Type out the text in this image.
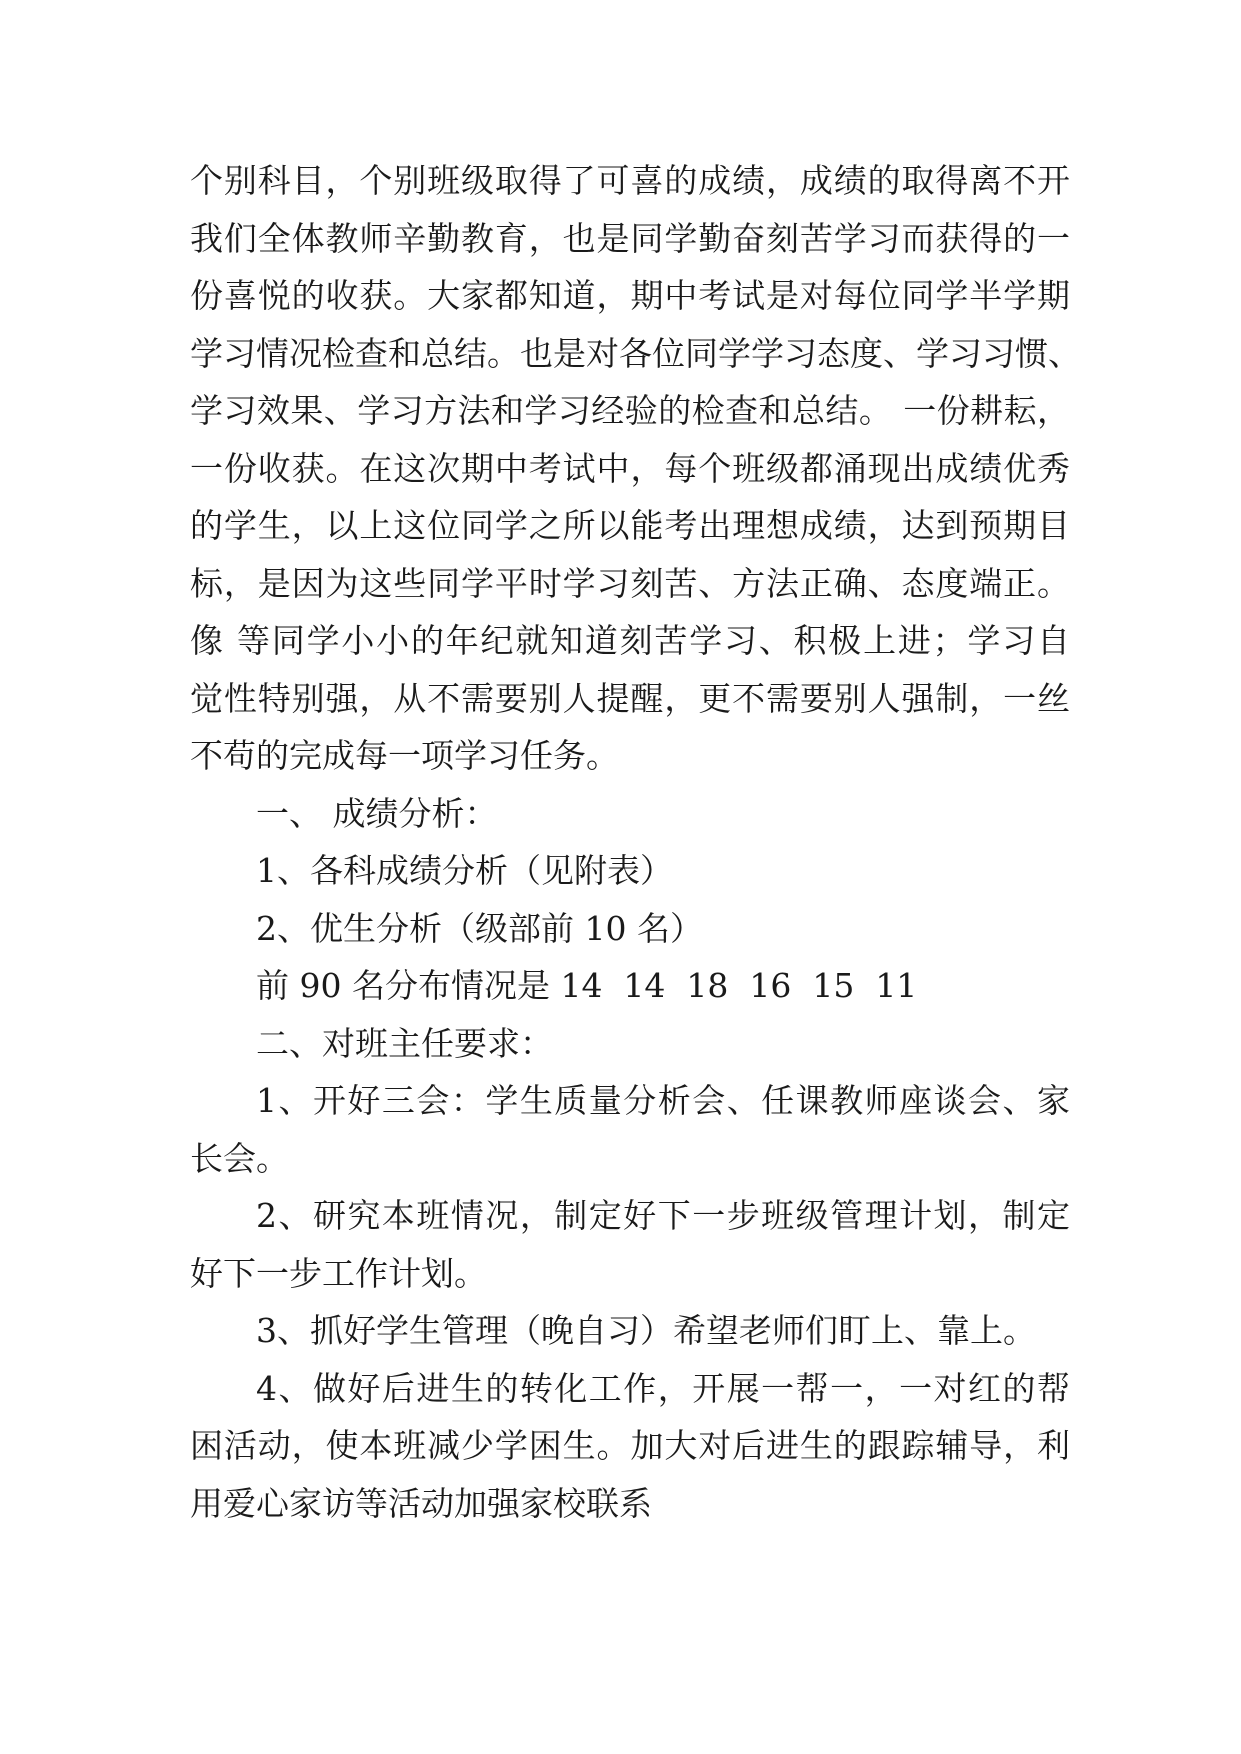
个别科目，个别班级取得了可喜的成绩，成绩的取得离不开
我们全体教师辛勤教育，也是同学勤奋刻苦学习而获得的一
份喜悦的收获。大家都知道，期中考试是对每位同学半学期
学习情况检查和总结。也是对各位同学学习态度、学习习惯、
学习效果、学习方法和学习经验的检查和总结。 一份耕耘，
一份收获。在这次期中考试中，每个班级都涌现出成绩优秀
的学生，以上这位同学之所以能考出理想成绩，达到预期目
标，是因为这些同学平时学习刻苦、方法正确、态度端正。
像 等同学小小的年纪就知道刻苦学习、积极上进；学习自
觉性特别强，从不需要别人提醒，更不需要别人强制，一丝
不苟的完成每一项学习任务。
一、 成绩分析：
1、各科成绩分析（见附表）
2、优生分析（级部前 10 名）
前 90 名分布情况是 14  14  18  16  15  11
二、对班主任要求：
1、开好三会：学生质量分析会、任课教师座谈会、家
长会。
2、研究本班情况，制定好下一步班级管理计划，制定
好下一步工作计划。
3、抓好学生管理（晚自习）希望老师们盯上、靠上。
4、做好后进生的转化工作，开展一帮一，一对红的帮
困活动，使本班减少学困生。加大对后进生的跟踪辅导，利
用爱心家访等活动加强家校联系
